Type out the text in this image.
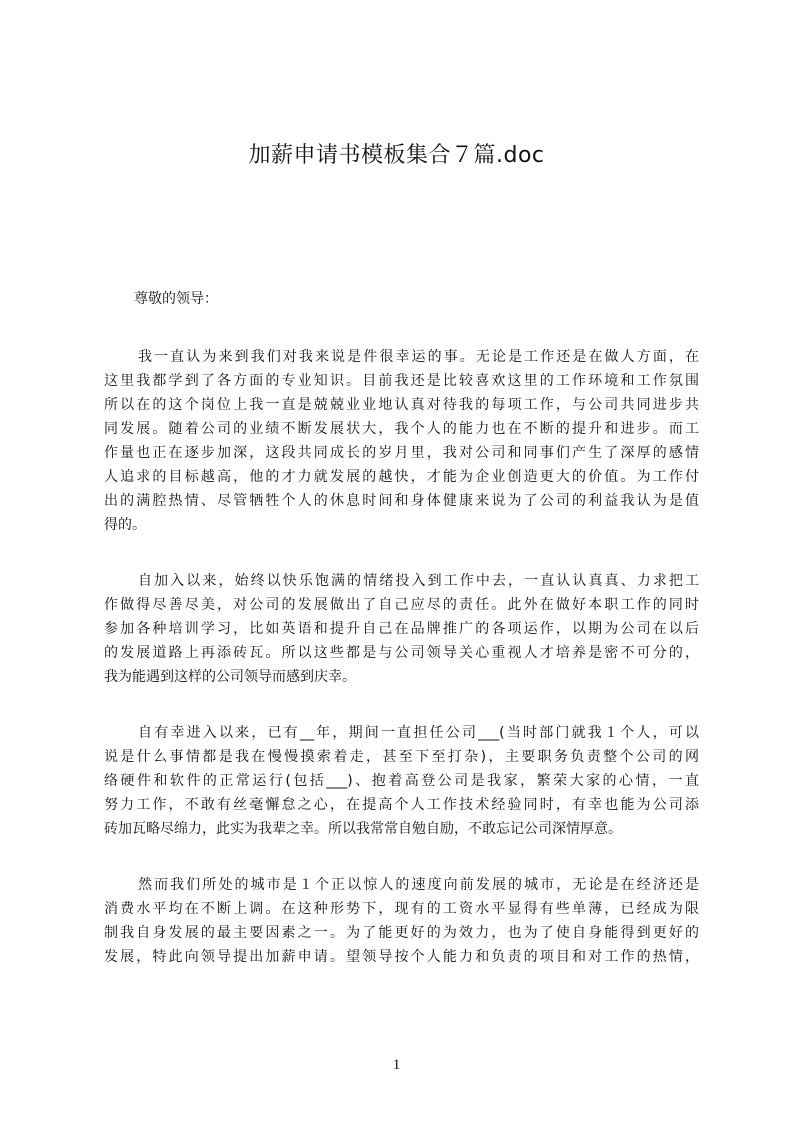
加薪申请书模板集合７篇.doc

尊敬的领导：

我一直认为来到我们对我来说是件很幸运的事。无论是工作还是在做人方面，在
这里我都学到了各方面的专业知识。目前我还是比较喜欢这里的工作环境和工作氛围
所以在的这个岗位上我一直是兢兢业业地认真对待我的每项工作，与公司共同进步共
同发展。随着公司的业绩不断发展状大，我个人的能力也在不断的提升和进步。而工
作量也正在逐步加深，这段共同成长的岁月里，我对公司和同事们产生了深厚的感情
人追求的目标越高，他的才力就发展的越快，才能为企业创造更大的价值。为工作付
出的满腔热情、尽管牺牲个人的休息时间和身体健康来说为了公司的利益我认为是值
得的。

自加入以来，始终以快乐饱满的情绪投入到工作中去，一直认认真真、力求把工
作做得尽善尽美，对公司的发展做出了自己应尽的责任。此外在做好本职工作的同时
参加各种培训学习，比如英语和提升自己在品牌推广的各项运作，以期为公司在以后
的发展道路上再添砖瓦。所以这些都是与公司领导关心重视人才培养是密不可分的，
我为能遇到这样的公司领导而感到庆幸。

自有幸进入以来，已有__年，期间一直担任公司___(当时部门就我１个人，可以
说是什么事情都是我在慢慢摸索着走，甚至下至打杂)，主要职务负责整个公司的网
络硬件和软件的正常运行(包括___)、抱着高登公司是我家，繁荣大家的心情，一直
努力工作，不敢有丝毫懈怠之心，在提高个人工作技术经验同时，有幸也能为公司添
砖加瓦略尽绵力，此实为我辈之幸。所以我常常自勉自励，不敢忘记公司深情厚意。

然而我们所处的城市是１个正以惊人的速度向前发展的城市，无论是在经济还是
消费水平均在不断上调。在这种形势下，现有的工资水平显得有些单薄，已经成为限
制我自身发展的最主要因素之一。为了能更好的为效力，也为了使自身能得到更好的
发展，特此向领导提出加薪申请。望领导按个人能力和负责的项目和对工作的热情，

1
